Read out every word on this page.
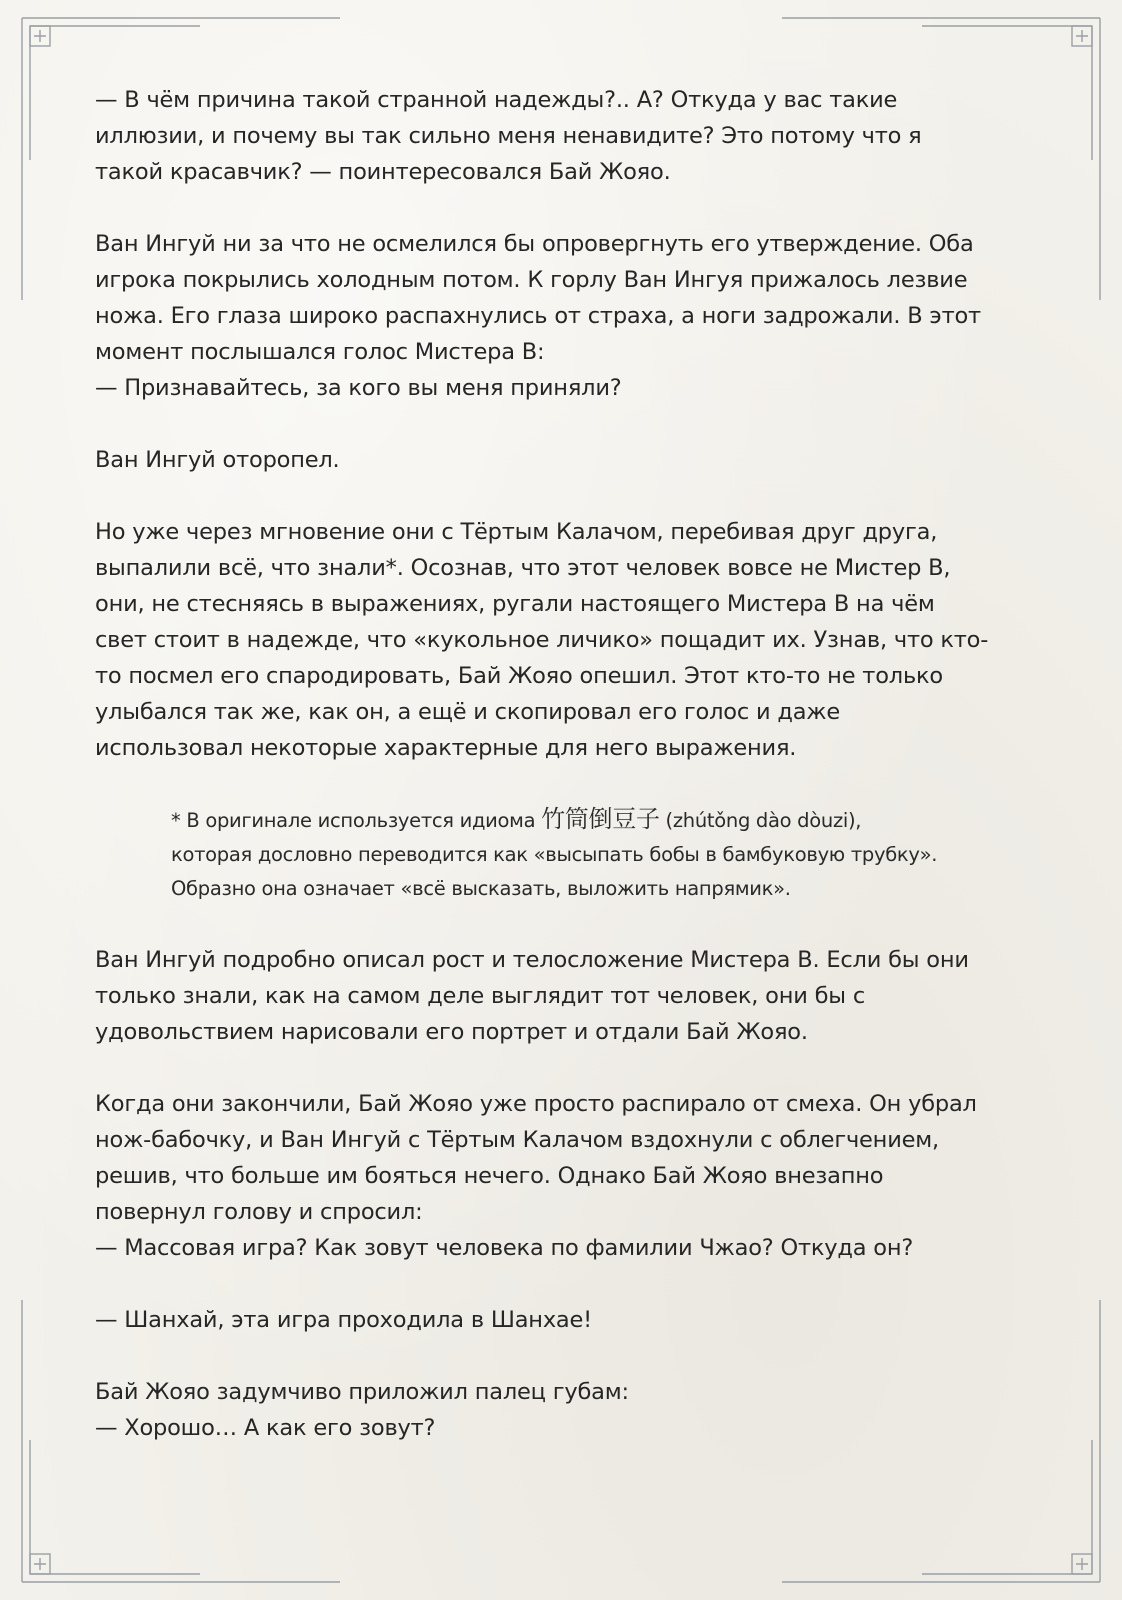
— В чём причина такой странной надежды?.. А? Откуда у вас такие
иллюзии, и почему вы так сильно меня ненавидите? Это потому что я
такой красавчик? — поинтересовался Бай Жояо.
Ван Ингуй ни за что не осмелился бы опровергнуть его утверждение. Оба
игрока покрылись холодным потом. К горлу Ван Ингуя прижалось лезвие
ножа. Его глаза широко распахнулись от страха, а ноги задрожали. В этот
момент послышался голос Мистера В:
— Признавайтесь, за кого вы меня приняли?
Ван Ингуй оторопел.
Но уже через мгновение они с Тёртым Калачом, перебивая друг друга,
выпалили всё, что знали*. Осознав, что этот человек вовсе не Мистер В,
они, не стесняясь в выражениях, ругали настоящего Мистера В на чём
свет стоит в надежде, что «кукольное личико» пощадит их. Узнав, что кто-
то посмел его спародировать, Бай Жояо опешил. Этот кто-то не только
улыбался так же, как он, а ещё и скопировал его голос и даже
использовал некоторые характерные для него выражения.
* В оригинале используется идиома 竹筒倒豆子 (zhútǒng dào dòuzi),
которая дословно переводится как «высыпать бобы в бамбуковую трубку».
Образно она означает «всё высказать, выложить напрямик».
Ван Ингуй подробно описал рост и телосложение Мистера В. Если бы они
только знали, как на самом деле выглядит тот человек, они бы с
удовольствием нарисовали его портрет и отдали Бай Жояо.
Когда они закончили, Бай Жояо уже просто распирало от смеха. Он убрал
нож-бабочку, и Ван Ингуй с Тёртым Калачом вздохнули с облегчением,
решив, что больше им бояться нечего. Однако Бай Жояо внезапно
повернул голову и спросил:
— Массовая игра? Как зовут человека по фамилии Чжао? Откуда он?
— Шанхай, эта игра проходила в Шанхае!
Бай Жояо задумчиво приложил палец губам:
— Хорошо… А как его зовут?
